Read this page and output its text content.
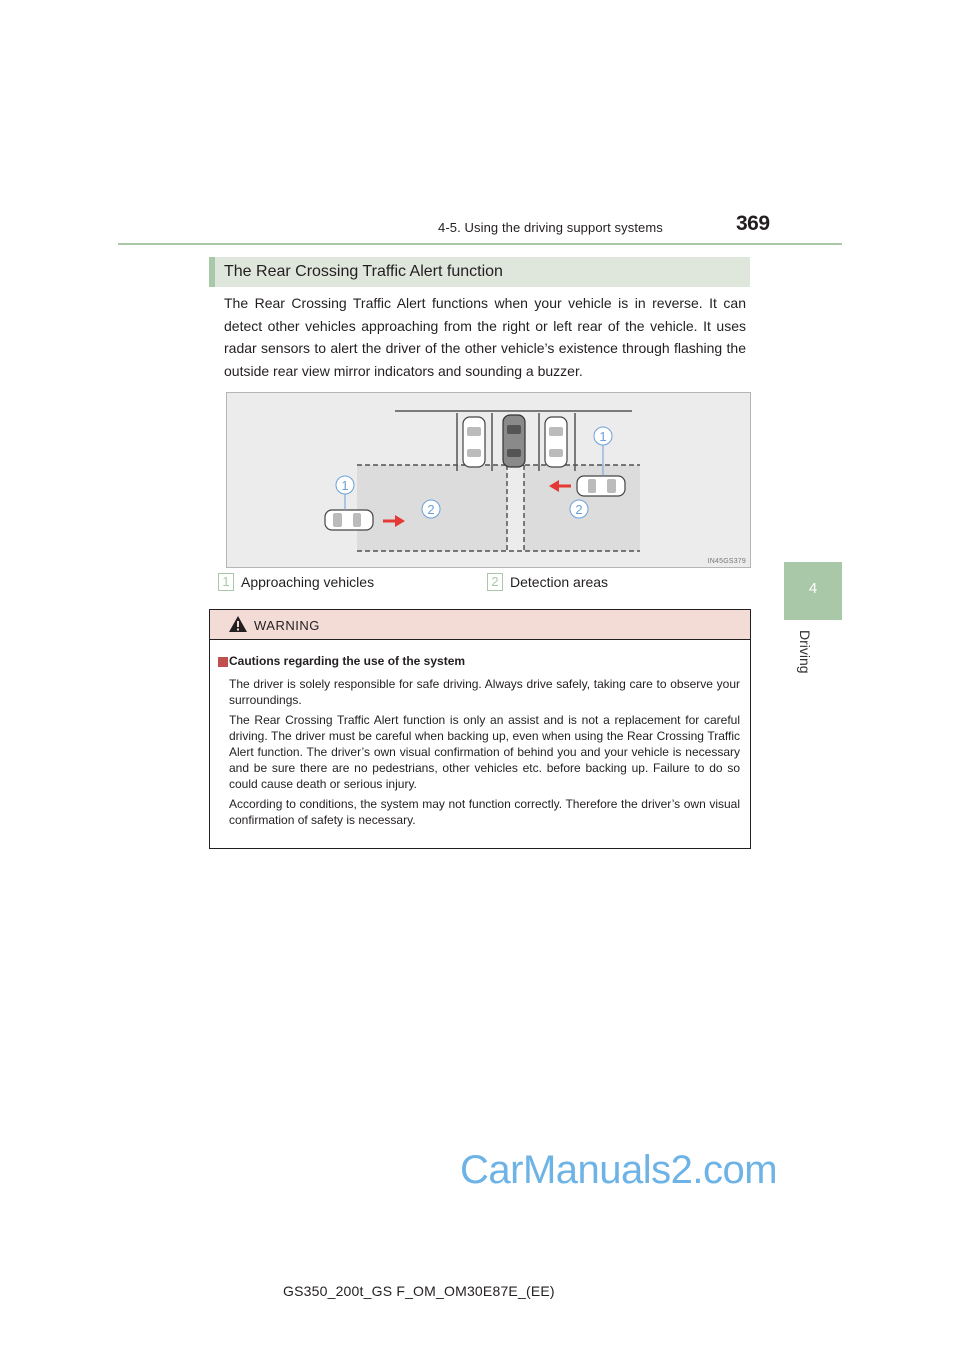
4-5. Using the driving support systems	369
4
Driving
The Rear Crossing Traffic Alert function
The Rear Crossing Traffic Alert functions when your vehicle is in reverse. It can detect other vehicles approaching from the right or left rear of the vehicle. It uses radar sensors to alert the driver of the other vehicle’s existence through flashing the outside rear view mirror indicators and sounding a buzzer.
1
2
1
2
IN45GS379
1 Approaching vehicles	2 Detection areas
WARNING
Cautions regarding the use of the system
The driver is solely responsible for safe driving. Always drive safely, taking care to observe your surroundings.
The Rear Crossing Traffic Alert function is only an assist and is not a replacement for careful driving. The driver must be careful when backing up, even when using the Rear Crossing Traffic Alert function. The driver’s own visual confirmation of behind you and your vehicle is necessary and be sure there are no pedestrians, other vehicles etc. before backing up. Failure to do so could cause death or serious injury.
According to conditions, the system may not function correctly. Therefore the driver’s own visual confirmation of safety is necessary.
GS350_200t_GS F_OM_OM30E87E_(EE)
CarManuals2.com
